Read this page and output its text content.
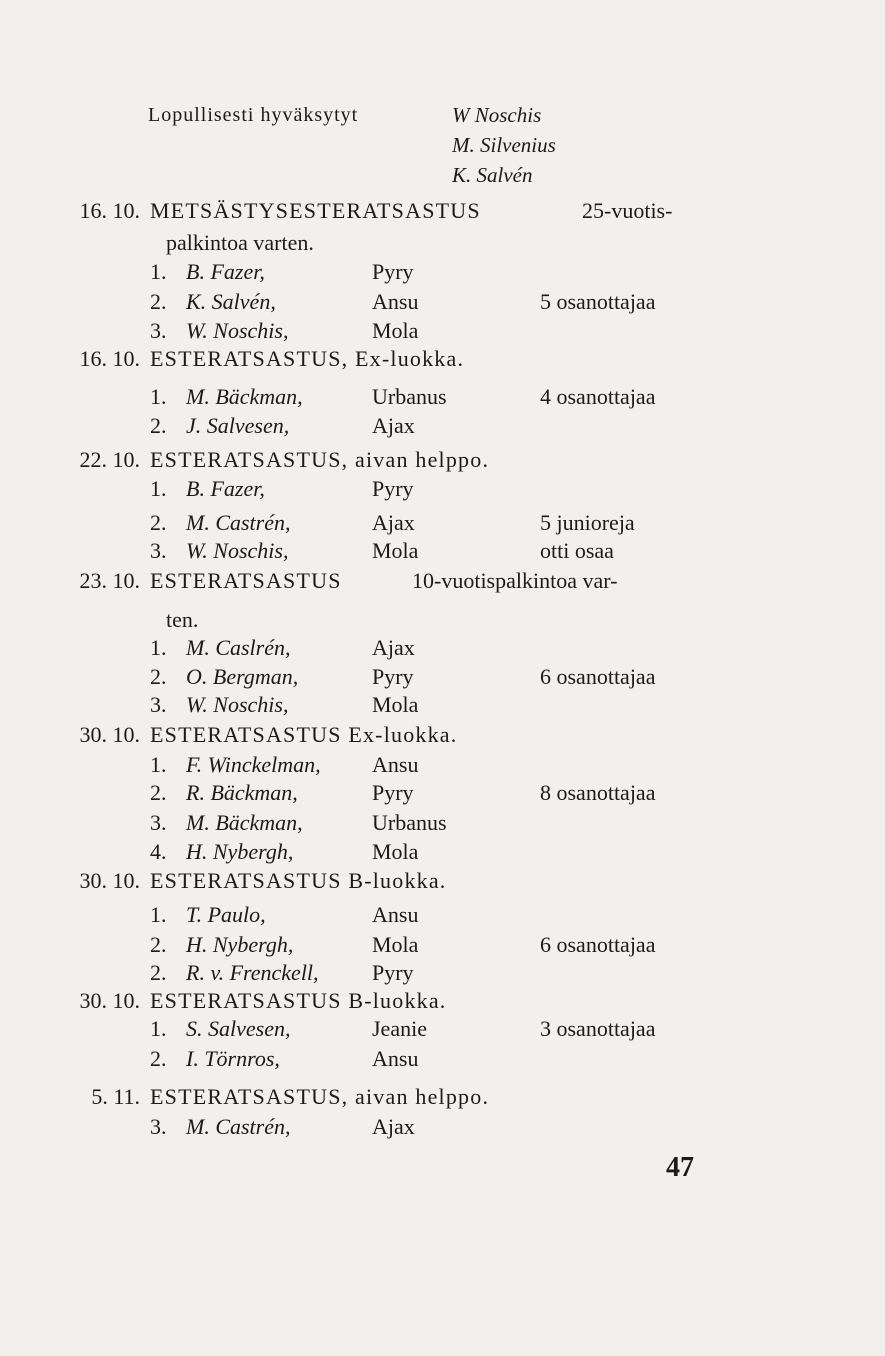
Lopullisesti hyväksytyt	W Noschis
M. Silvenius
K. Salvén
16. 10. METSÄSTYSESTERATSASTUS	25-vuotis-
palkintoa varten.
1. B. Fazer,	Pyry
2. K. Salvén,	Ansu	5 osanottajaa
3. W. Noschis,	Mola
16. 10. ESTERATSASTUS, Ex-luokka.
1. M. Bäckman,	Urbanus	4 osanottajaa
2. J. Salvesen,	Ajax
22. 10. ESTERATSASTUS, aivan helppo.
1. B. Fazer,	Pyry
2. M. Castrén,	Ajax	5 junioreja
3. W. Noschis,	Mola	otti osaa
23. 10. ESTERATSASTUS	10-vuotispalkintoa var-
ten.
1. M. Caslrén,	Ajax
2. O. Bergman,	Pyry	6 osanottajaa
3. W. Noschis,	Mola
30. 10. ESTERATSASTUS Ex-luokka.
1. F. Winckelman, Ansu
2. R. Bäckman,	Pyry	8 osanottajaa
3. M. Bäckman,	Urbanus
4. H. Nybergh,	Mola
30. 10. ESTERATSASTUS B-luokka.
1. T. Paulo,	Ansu
2. H. Nybergh,	Mola	6 osanottajaa
2. R. v. Frenckell, Pyry
30. 10. ESTERATSASTUS B-luokka.
1. S. Salvesen,	Jeanie	3 osanottajaa
2. I. Törnros,	Ansu
5. 11. ESTERATSASTUS, aivan helppo.
3. M. Castrén,	Ajax
47
